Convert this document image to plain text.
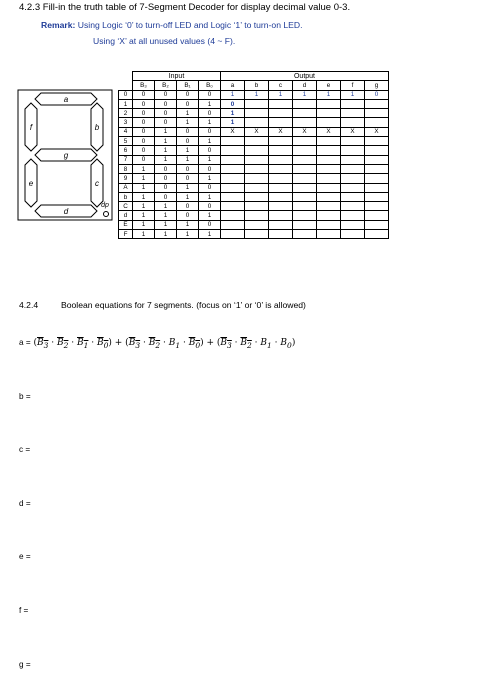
4.2.3 Fill-in the truth table of 7-Segment Decoder for display decimal value 0-3.
Remark: Using Logic ‘0’ to turn-off LED and Logic ‘1’ to turn-on LED.
Using ‘X’ at all unused values (4 ~ F).
a
b
c
d
e
f
g
dp
	Input				Output						
	B₃	B₂	B₁	B₀	a	b	c	d	e	f	g
0	0	0	0	0	1	1	1	1	1	1	0
1	0	0	0	1	0						
2	0	0	1	0	1						
3	0	0	1	1	1						
4	0	1	0	0	X	X	X	X	X	X	X
5	0	1	0	1							
6	0	1	1	0							
7	0	1	1	1							
8	1	0	0	0							
9	1	0	0	1							
A	1	0	1	0							
b	1	0	1	1							
C	1	1	0	0							
d	1	1	0	1							
E	1	1	1	0							
F	1	1	1	1							
4.2.4	Boolean equations for 7 segments. (focus on ‘1’ or ‘0’ is allowed)
$a = (B_3 \cdot B_2 \cdot B_1 \cdot B_0) + (B_3 \cdot B_2 \cdot B_1 \cdot B_0) + (B_3 \cdot B_2 \cdot B_1 \cdot B_0)$
b =
c =
d =
e =
f =
g =
